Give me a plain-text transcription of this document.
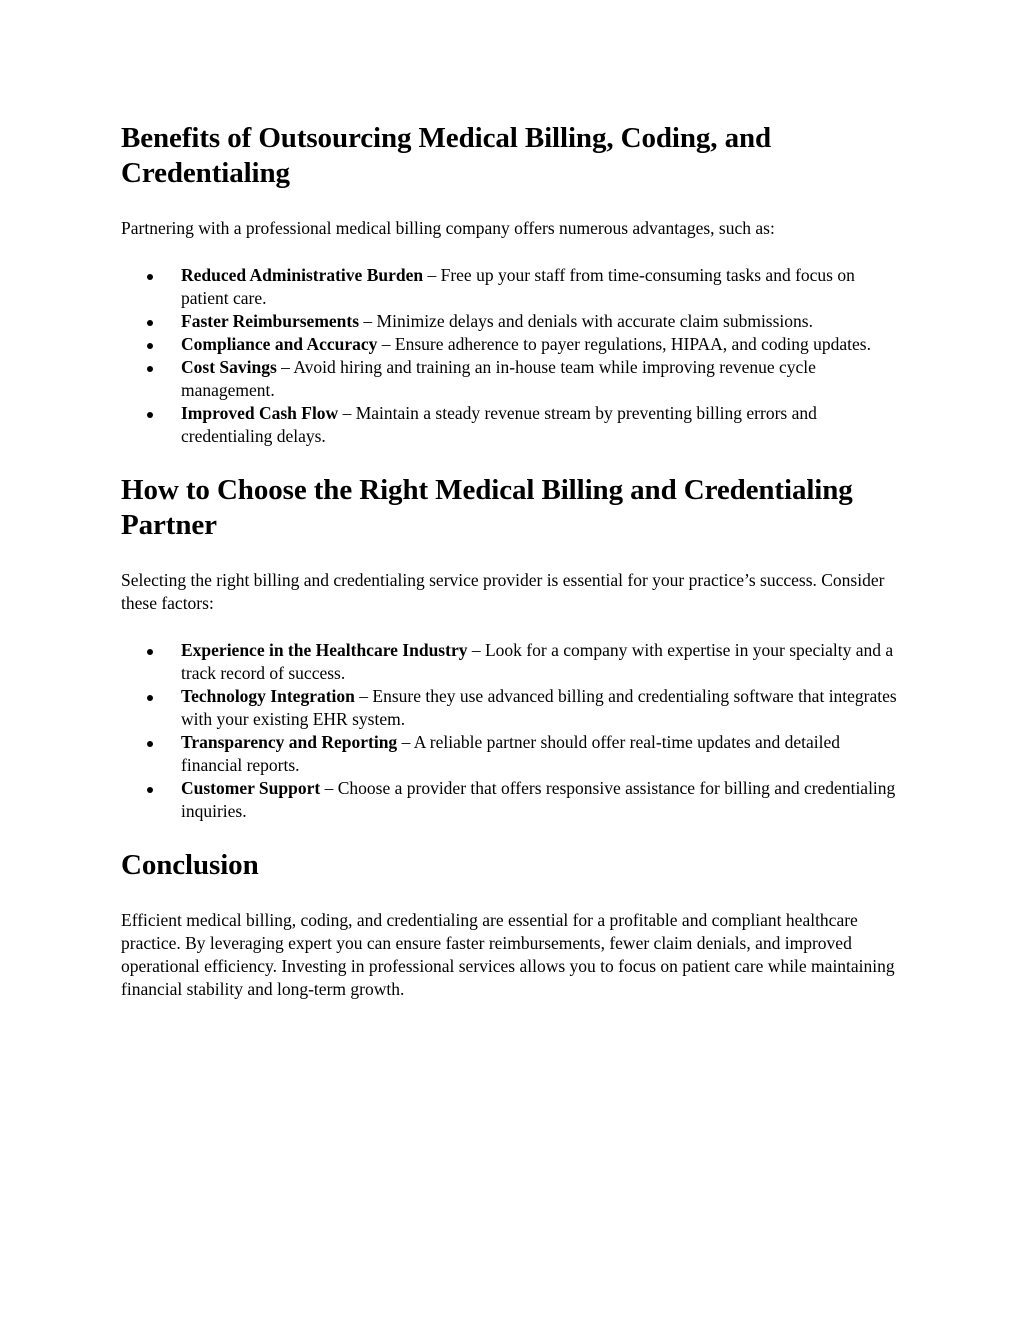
Benefits of Outsourcing Medical Billing, Coding, and Credentialing

Partnering with a professional medical billing company offers numerous advantages, such as:

Reduced Administrative Burden – Free up your staff from time-consuming tasks and focus on patient care.
Faster Reimbursements – Minimize delays and denials with accurate claim submissions.
Compliance and Accuracy – Ensure adherence to payer regulations, HIPAA, and coding updates.
Cost Savings – Avoid hiring and training an in-house team while improving revenue cycle management.
Improved Cash Flow – Maintain a steady revenue stream by preventing billing errors and credentialing delays.
How to Choose the Right Medical Billing and Credentialing Partner

Selecting the right billing and credentialing service provider is essential for your practice’s success. Consider these factors:

Experience in the Healthcare Industry – Look for a company with expertise in your specialty and a track record of success.
Technology Integration – Ensure they use advanced billing and credentialing software that integrates with your existing EHR system.
Transparency and Reporting – A reliable partner should offer real-time updates and detailed financial reports.
Customer Support – Choose a provider that offers responsive assistance for billing and credentialing inquiries.
Conclusion

Efficient medical billing, coding, and credentialing are essential for a profitable and compliant healthcare practice. By leveraging expert you can ensure faster reimbursements, fewer claim denials, and improved operational efficiency. Investing in professional services allows you to focus on patient care while maintaining financial stability and long-term growth.
